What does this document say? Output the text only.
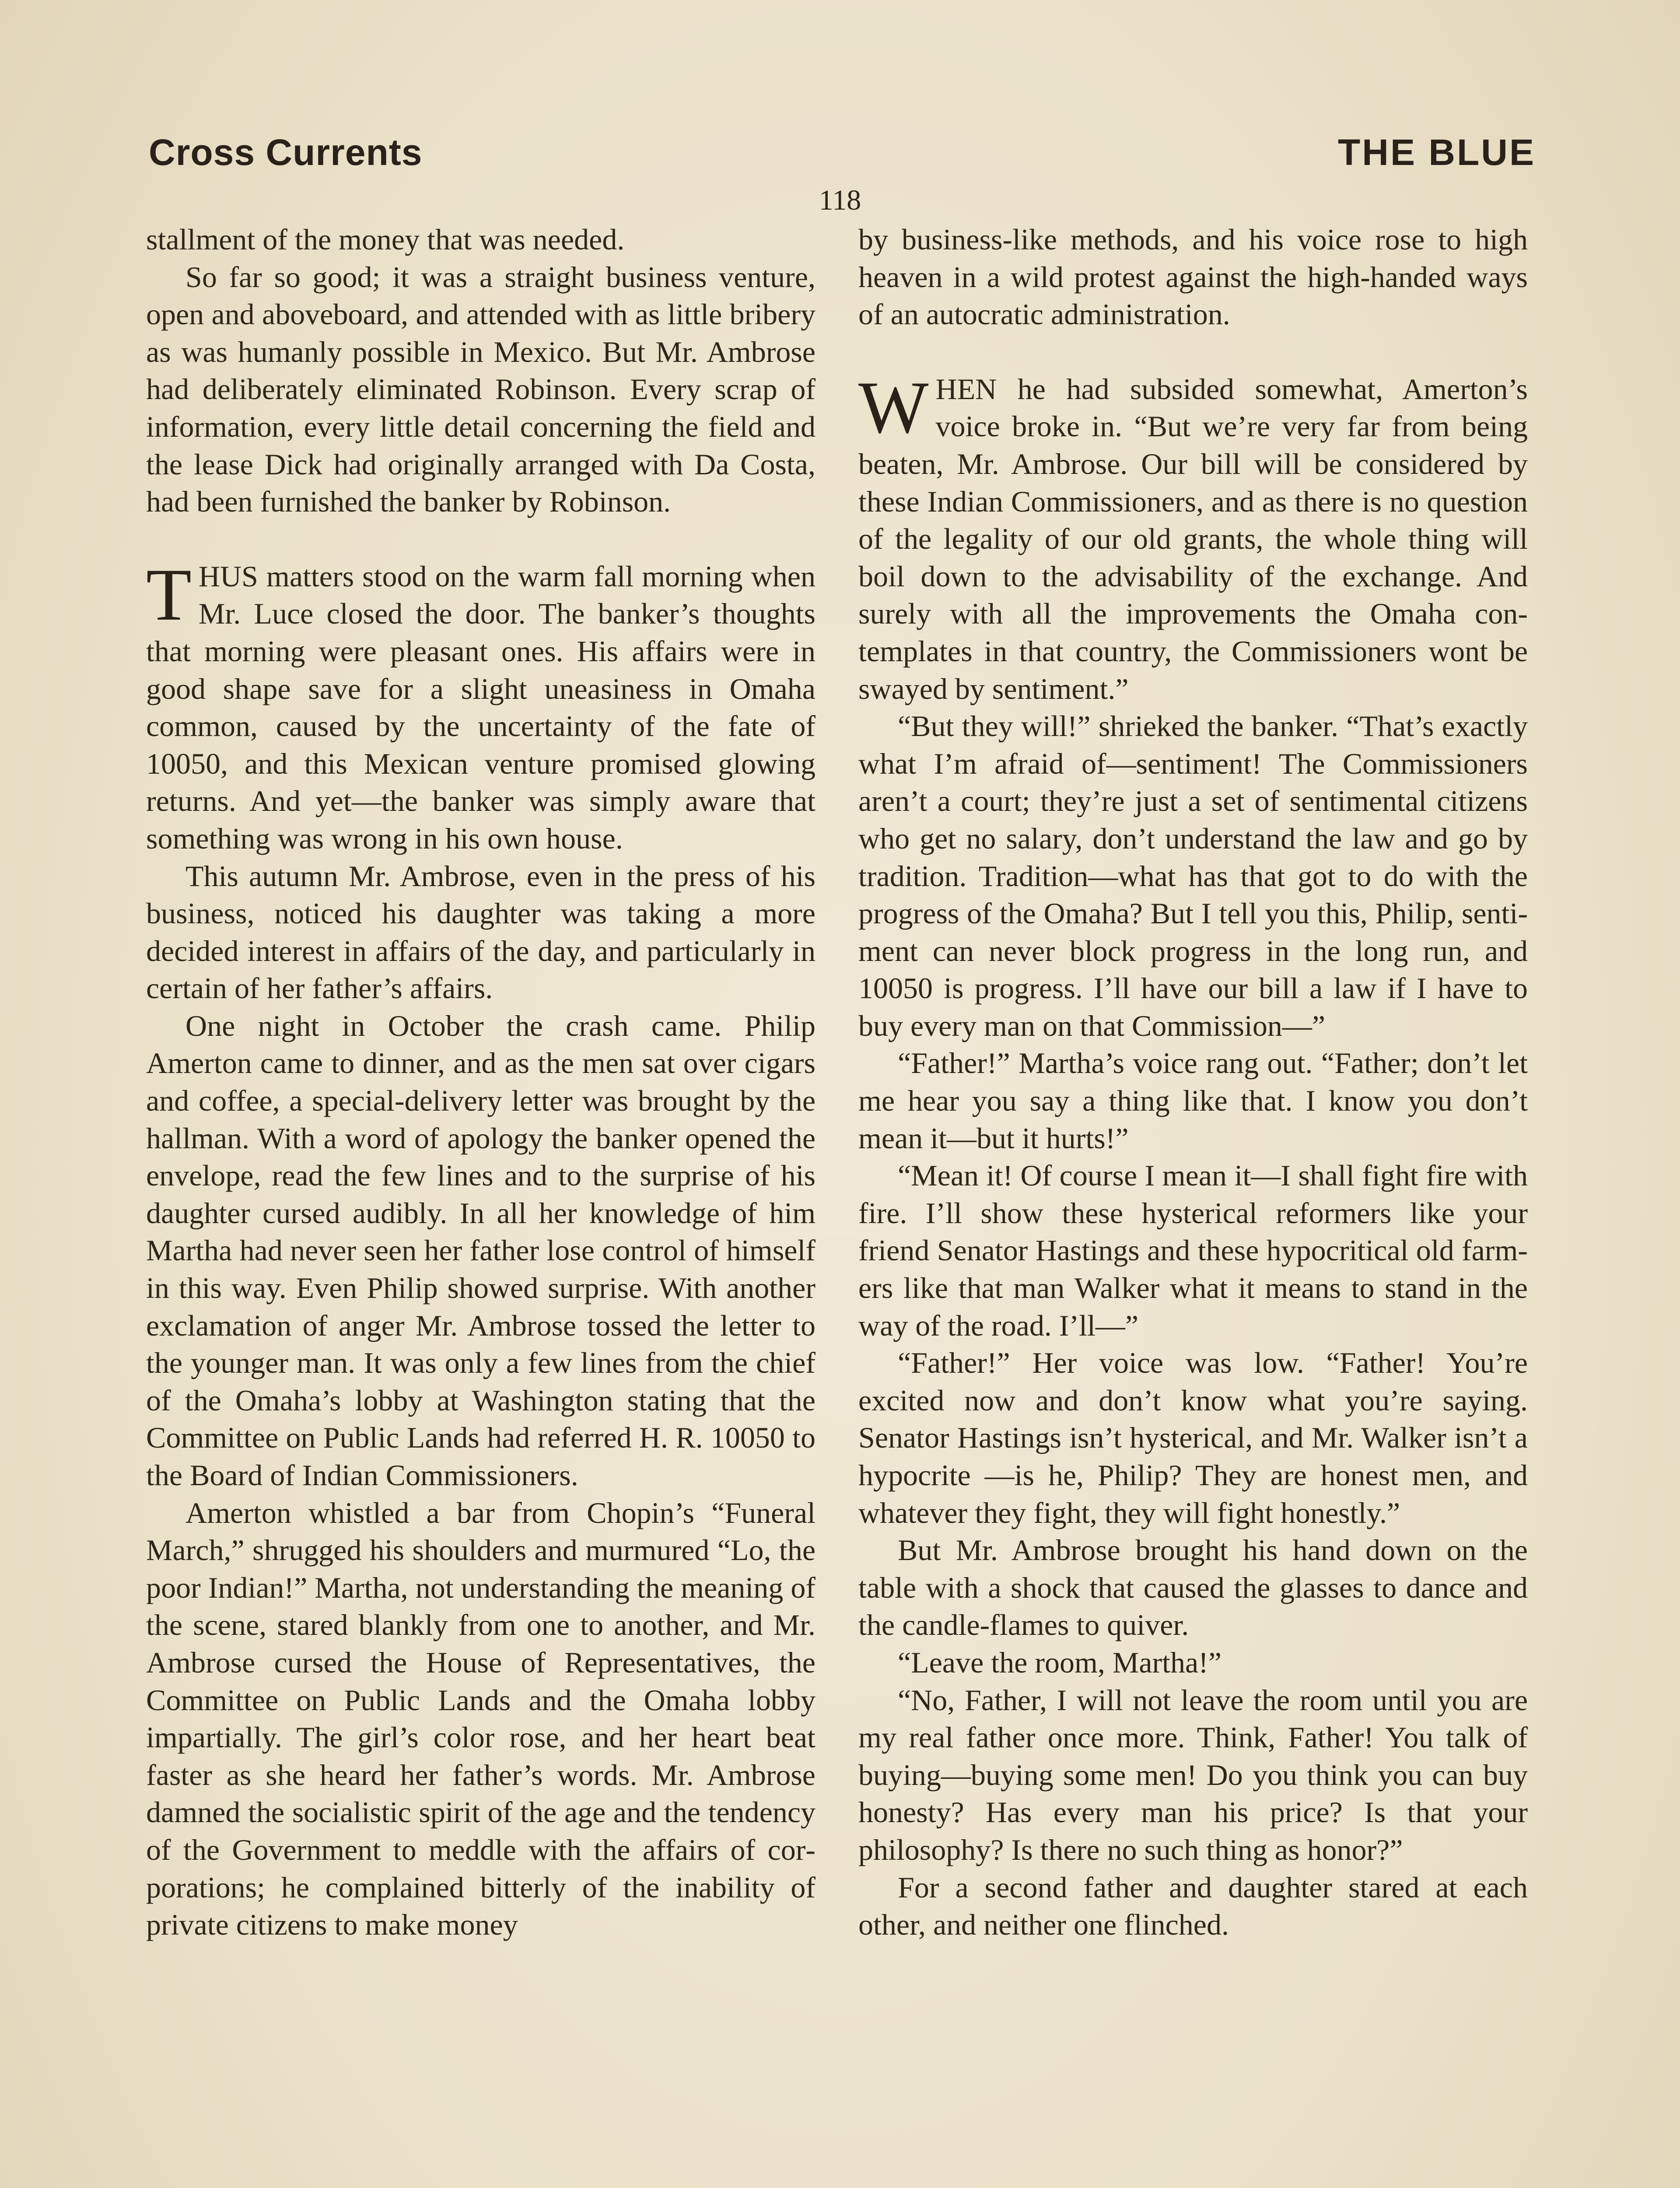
Cross Currents	THE BLUE
118

stallment of the money that was needed.

So far so good; it was a straight business venture, open and aboveboard, and attended with as little bribery as was humanly possible in Mexico. But Mr. Ambrose had deliberately eliminated Robinson. Every scrap of information, every little detail concerning the field and the lease Dick had originally arranged with Da Costa, had been furnished the banker by Robinson.

THUS matters stood on the warm fall morning when Mr. Luce closed the door. The banker’s thoughts that morning were pleasant ones. His affairs were in good shape save for a slight uneasiness in Omaha common, caused by the uncertainty of the fate of 10050, and this Mexican venture promised glowing returns. And yet—the banker was simply aware that something was wrong in his own house.

This autumn Mr. Ambrose, even in the press of his business, noticed his daughter was taking a more decided interest in affairs of the day, and particularly in certain of her father’s affairs.

One night in October the crash came. Philip Amerton came to dinner, and as the men sat over cigars and coffee, a special-delivery letter was brought by the hallman. With a word of apology the banker opened the envelope, read the few lines and to the surprise of his daughter cursed audibly. In all her knowledge of him Martha had never seen her father lose control of himself in this way. Even Philip showed surprise. With another exclamation of anger Mr. Ambrose tossed the letter to the younger man. It was only a few lines from the chief of the Omaha’s lobby at Washington stating that the Committee on Public Lands had referred H. R. 10050 to the Board of Indian Commissioners.

Amerton whistled a bar from Chopin’s “Funeral March,” shrugged his shoulders and murmured “Lo, the poor Indian!” Martha, not understanding the meaning of the scene, stared blankly from one to another, and Mr. Ambrose cursed the House of Representatives, the Committee on Public Lands and the Omaha lobby impartially. The girl’s color rose, and her heart beat faster as she heard her father’s words. Mr. Ambrose damned the socialistic spirit of the age and the tendency of the Government to meddle with the affairs of corporations; he complained bitterly of the inability of private citizens to make money

by business-like methods, and his voice rose to high heaven in a wild protest against the high-handed ways of an autocratic administration.

WHEN he had subsided somewhat, Amerton’s voice broke in. “But we’re very far from being beaten, Mr. Ambrose. Our bill will be considered by these Indian Commissioners, and as there is no question of the legality of our old grants, the whole thing will boil down to the advisability of the exchange. And surely with all the improvements the Omaha contemplates in that country, the Commissioners wont be swayed by sentiment.”

“But they will!” shrieked the banker. “That’s exactly what I’m afraid of—sentiment! The Commissioners aren’t a court; they’re just a set of sentimental citizens who get no salary, don’t understand the law and go by tradition. Tradition—what has that got to do with the progress of the Omaha? But I tell you this, Philip, sentiment can never block progress in the long run, and 10050 is progress. I’ll have our bill a law if I have to buy every man on that Commission—”

“Father!” Martha’s voice rang out. “Father; don’t let me hear you say a thing like that. I know you don’t mean it—but it hurts!”

“Mean it! Of course I mean it—I shall fight fire with fire. I’ll show these hysterical reformers like your friend Senator Hastings and these hypocritical old farmers like that man Walker what it means to stand in the way of the road. I’ll—”

“Father!” Her voice was low. “Father! You’re excited now and don’t know what you’re saying. Senator Hastings isn’t hysterical, and Mr. Walker isn’t a hypocrite —is he, Philip? They are honest men, and whatever they fight, they will fight honestly.”

But Mr. Ambrose brought his hand down on the table with a shock that caused the glasses to dance and the candle-flames to quiver.

“Leave the room, Martha!”

“No, Father, I will not leave the room until you are my real father once more. Think, Father! You talk of buying—buying some men! Do you think you can buy honesty? Has every man his price? Is that your philosophy? Is there no such thing as honor?”

For a second father and daughter stared at each other, and neither one flinched.
